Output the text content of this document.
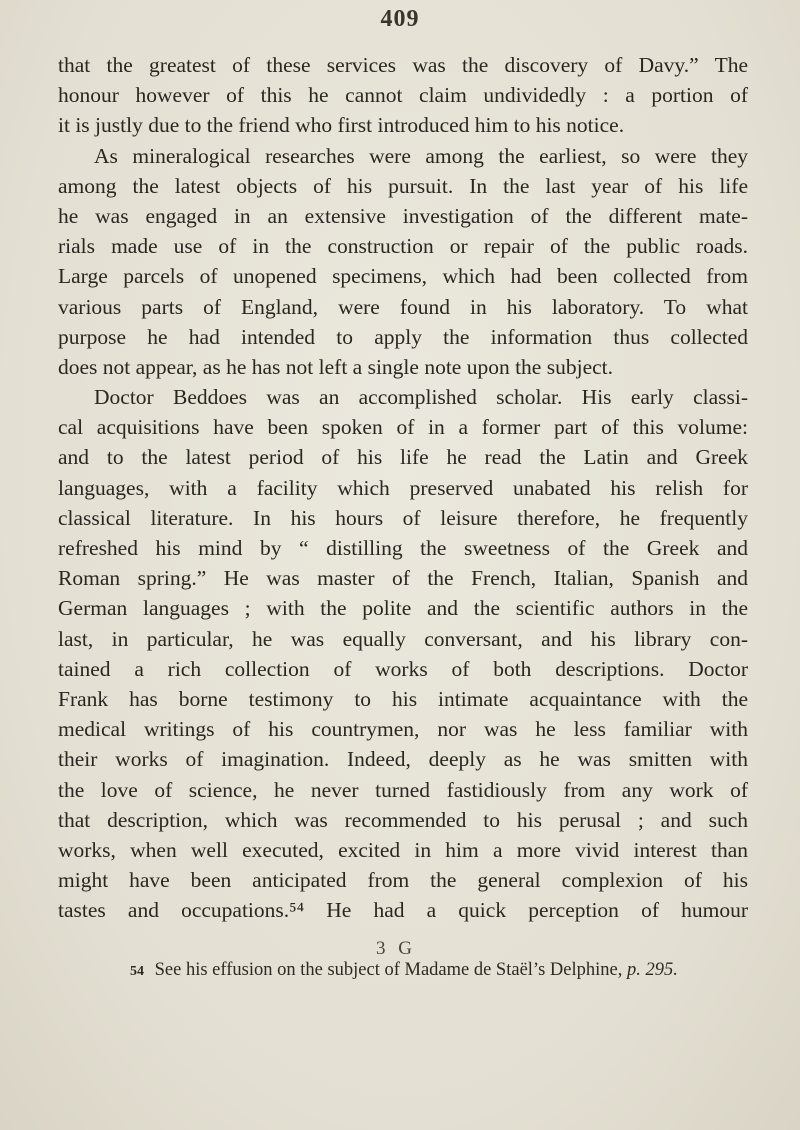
409
that the greatest of these services was the discovery of Davy.” The
honour however of this he cannot claim undividedly : a portion of
it is justly due to the friend who first introduced him to his notice.
As mineralogical researches were among the earliest, so were they
among the latest objects of his pursuit. In the last year of his life
he was engaged in an extensive investigation of the different mate-
rials made use of in the construction or repair of the public roads.
Large parcels of unopened specimens, which had been collected from
various parts of England, were found in his laboratory. To what
purpose he had intended to apply the information thus collected
does not appear, as he has not left a single note upon the subject.
Doctor Beddoes was an accomplished scholar. His early classi-
cal acquisitions have been spoken of in a former part of this volume:
and to the latest period of his life he read the Latin and Greek
languages, with a facility which preserved unabated his relish for
classical literature. In his hours of leisure therefore, he frequently
refreshed his mind by “ distilling the sweetness of the Greek and
Roman spring.” He was master of the French, Italian, Spanish and
German languages ; with the polite and the scientific authors in the
last, in particular, he was equally conversant, and his library con-
tained a rich collection of works of both descriptions. Doctor
Frank has borne testimony to his intimate acquaintance with the
medical writings of his countrymen, nor was he less familiar with
their works of imagination. Indeed, deeply as he was smitten with
the love of science, he never turned fastidiously from any work of
that description, which was recommended to his perusal ; and such
works, when well executed, excited in him a more vivid interest than
might have been anticipated from the general complexion of his
tastes and occupations.⁵⁴ He had a quick perception of humour
3 G
54 See his effusion on the subject of Madame de Staël’s Delphine, p. 295.
